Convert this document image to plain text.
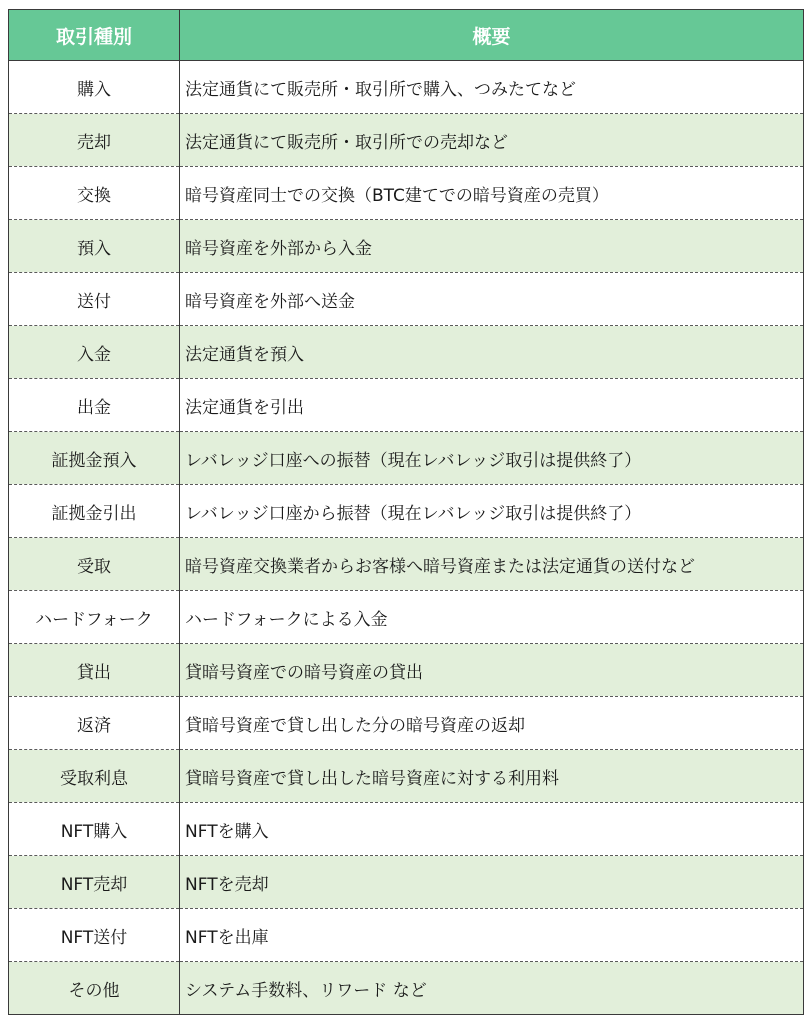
取引種別	概要
購入	法定通貨にて販売所・取引所で購入、つみたてなど
売却	法定通貨にて販売所・取引所での売却など
交換	暗号資産同士での交換（BTC建てでの暗号資産の売買）
預入	暗号資産を外部から入金
送付	暗号資産を外部へ送金
入金	法定通貨を預入
出金	法定通貨を引出
証拠金預入	レバレッジ口座への振替（現在レバレッジ取引は提供終了）
証拠金引出	レバレッジ口座から振替（現在レバレッジ取引は提供終了）
受取	暗号資産交換業者からお客様へ暗号資産または法定通貨の送付など
ハードフォーク	ハードフォークによる入金
貸出	貸暗号資産での暗号資産の貸出
返済	貸暗号資産で貸し出した分の暗号資産の返却
受取利息	貸暗号資産で貸し出した暗号資産に対する利用料
NFT購入	NFTを購入
NFT売却	NFTを売却
NFT送付	NFTを出庫
その他	システム手数料、リワード など
